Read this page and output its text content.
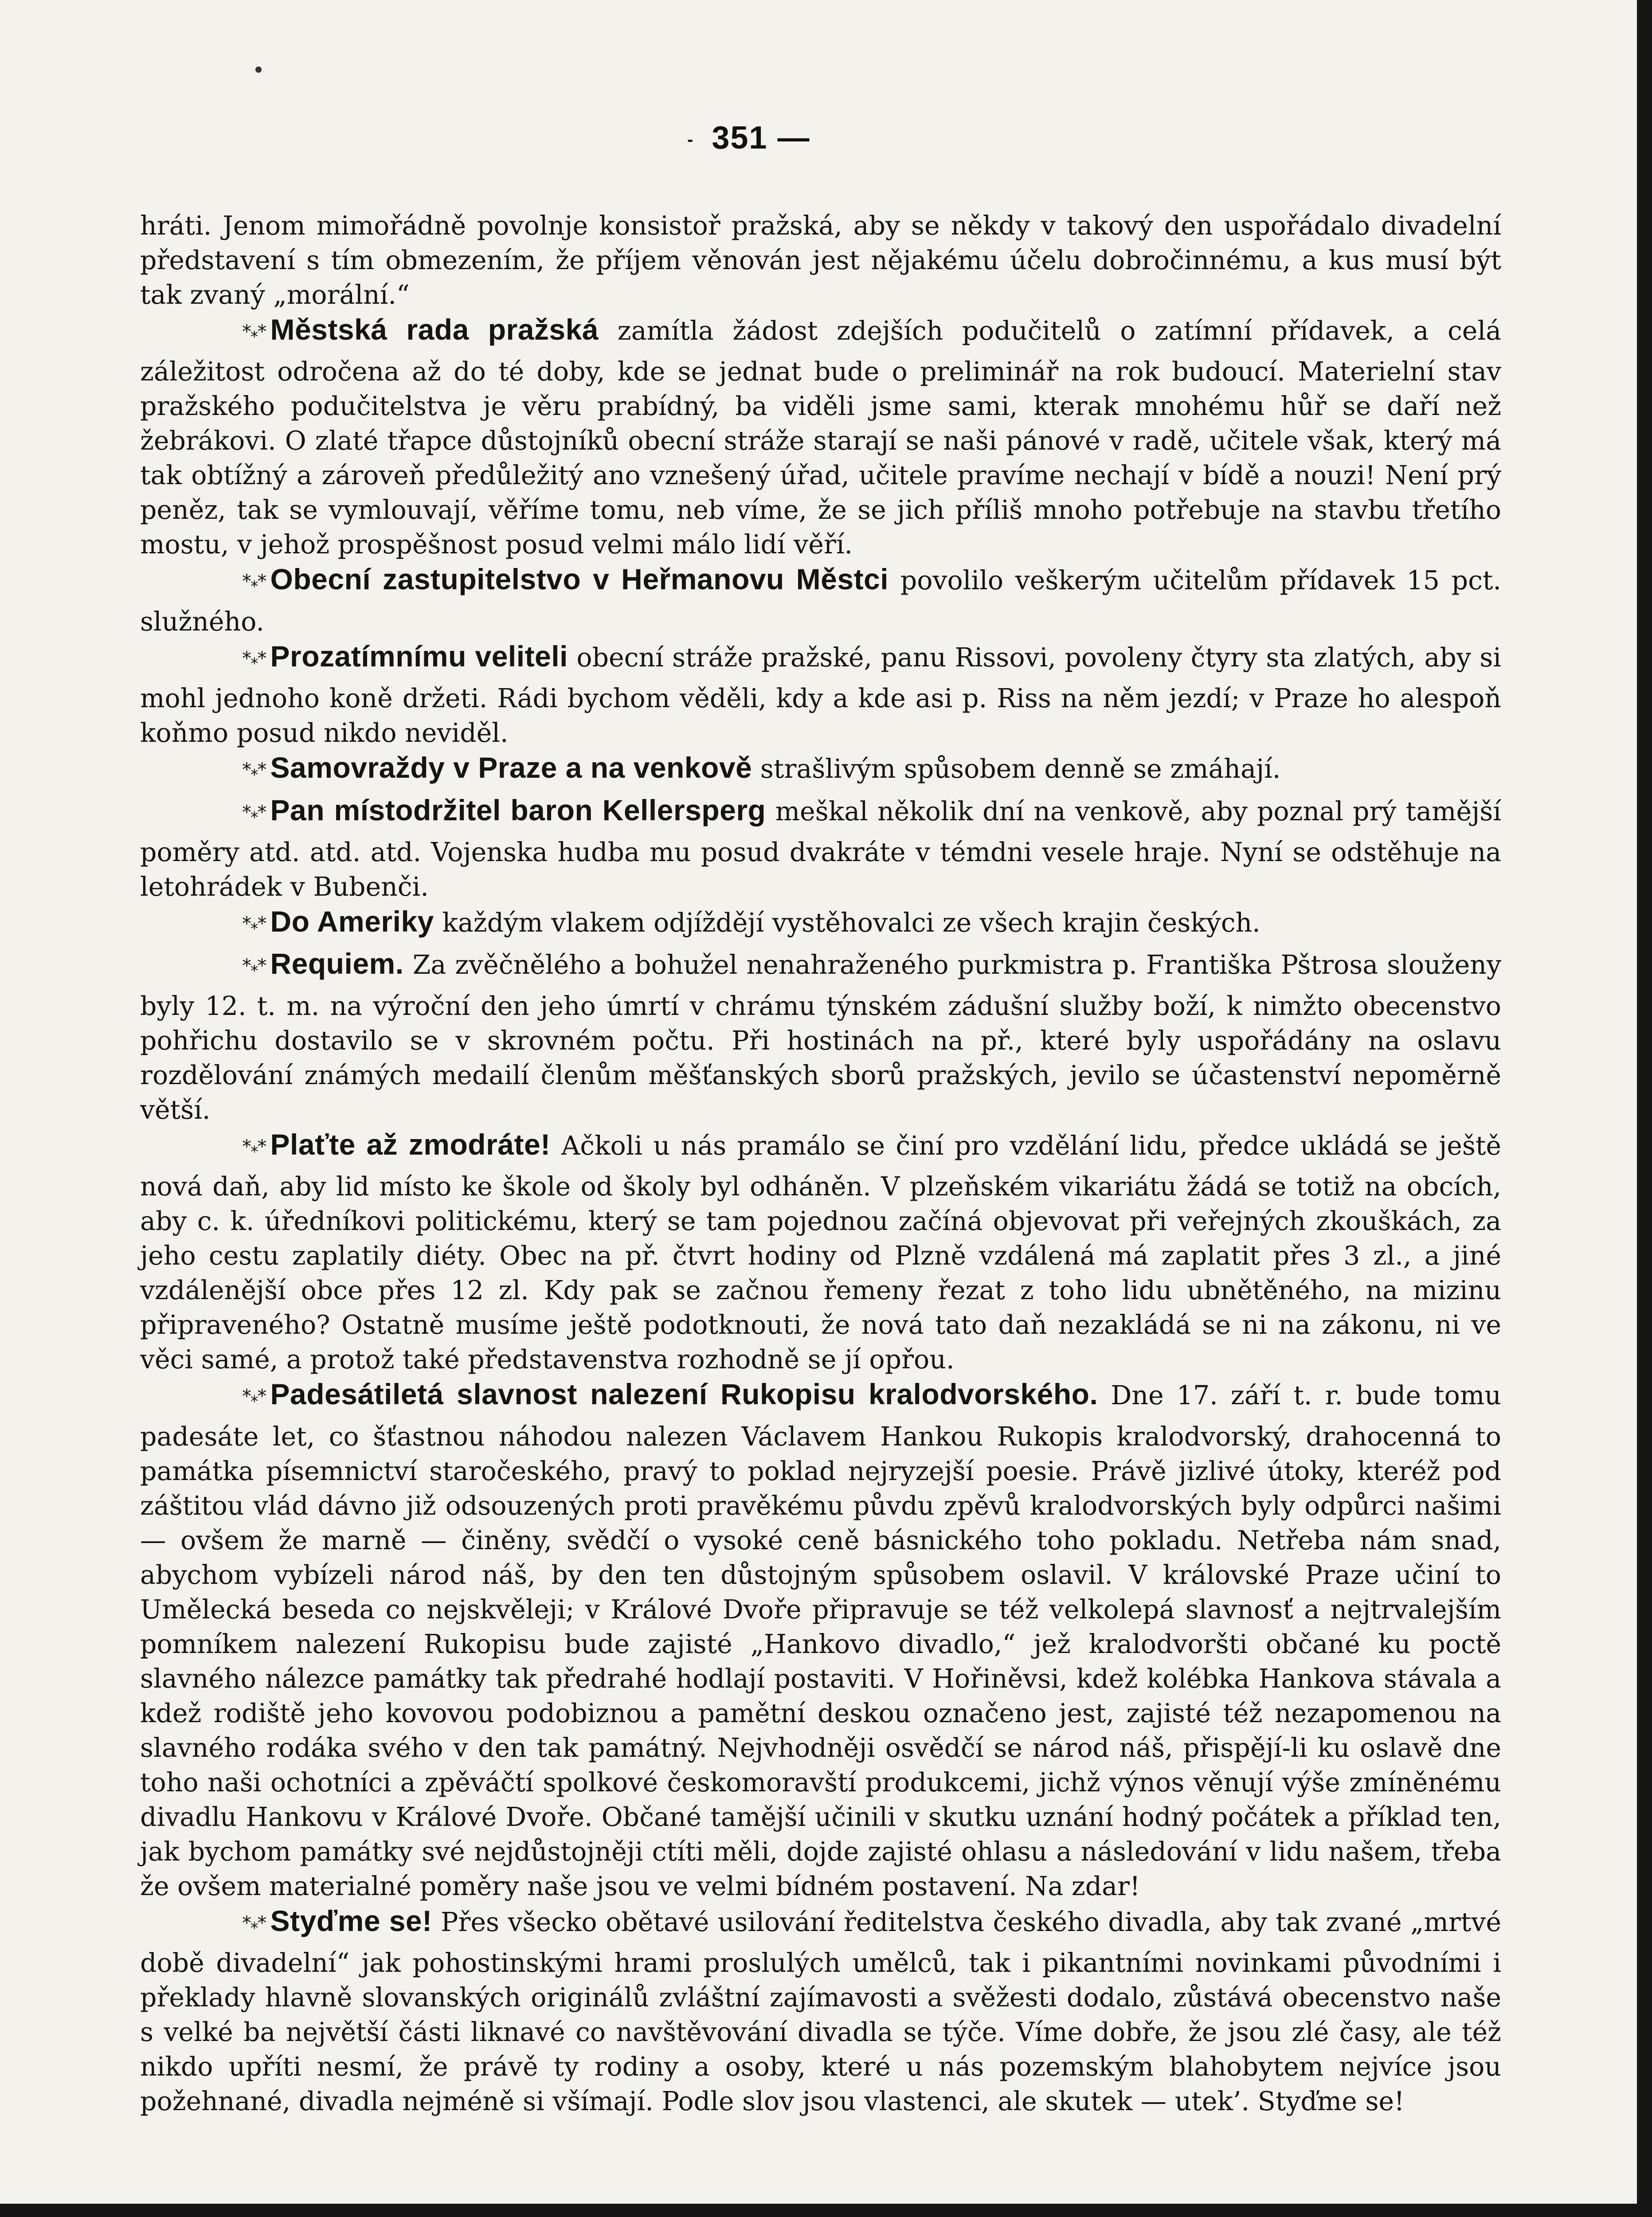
- 351 —

hráti. Jenom mimořádně povolnje konsistoř pražská, aby se někdy v takový den uspořádalo divadelní představení s tím obmezením, že příjem věnován jest nějakému účelu dobročinnému, a kus musí být tak zvaný „morální.“

$*_**$ Městská rada pražská zamítla žádost zdejších podučitelů o zatímní přídavek, a celá záležitost odročena až do té doby, kde se jednat bude o preliminář na rok budoucí. Materielní stav pražského podučitelstva je věru prabídný, ba viděli jsme sami, kterak mnohému hůř se daří než žebrákovi. O zlaté třapce důstojníků obecní stráže starají se naši pánové v radě, učitele však, který má tak obtížný a zároveň předůležitý ano vznešený úřad, učitele pravíme nechají v bídě a nouzi! Není prý peněz, tak se vymlouvají, věříme tomu, neb víme, že se jich příliš mnoho potřebuje na stavbu třetího mostu, v jehož prospěšnost posud velmi málo lidí věří.

$*_**$ Obecní zastupitelstvo v Heřmanovu Městci povolilo veškerým učitelům přídavek 15 pct. služného.

$*_**$ Prozatímnímu veliteli obecní stráže pražské, panu Rissovi, povoleny čtyry sta zlatých, aby si mohl jednoho koně držeti. Rádi bychom věděli, kdy a kde asi p. Riss na něm jezdí; v Praze ho alespoň koňmo posud nikdo neviděl.

$*_**$ Samovraždy v Praze a na venkově strašlivým spůsobem denně se zmáhají.

$*_**$ Pan místodržitel baron Kellersperg meškal několik dní na venkově, aby poznal prý tamější poměry atd. atd. atd. Vojenska hudba mu posud dvakráte v témdni vesele hraje. Nyní se odstěhuje na letohrádek v Bubenči.

$*_**$ Do Ameriky každým vlakem odjíždějí vystěhovalci ze všech krajin českých.

$*_**$ Requiem. Za zvěčnělého a bohužel nenahraženého purkmistra p. Františka Pštrosa slouženy byly 12. t. m. na výroční den jeho úmrtí v chrámu týnském zádušní služby boží, k nimžto obecenstvo pohřichu dostavilo se v skrovném počtu. Při hostinách na př., které byly uspořádány na oslavu rozdělování známých medailí členům měšťanských sborů pražských, jevilo se účastenství nepoměrně větší.

$*_**$ Plaťte až zmodráte! Ačkoli u nás pramálo se činí pro vzdělání lidu, předce ukládá se ještě nová daň, aby lid místo ke škole od školy byl odháněn. V plzeňském vikariátu žádá se totiž na obcích, aby c. k. úředníkovi politickému, který se tam pojednou začíná objevovat při veřejných zkouškách, za jeho cestu zaplatily diéty. Obec na př. čtvrt hodiny od Plzně vzdálená má zaplatit přes 3 zl., a jiné vzdálenější obce přes 12 zl. Kdy pak se začnou řemeny řezat z toho lidu ubnětěného, na mizinu připraveného? Ostatně musíme ještě podotknouti, že nová tato daň nezakládá se ni na zákonu, ni ve věci samé, a protož také představenstva rozhodně se jí opřou.

$*_**$ Padesátiletá slavnost nalezení Rukopisu kralodvorského. Dne 17. září t. r. bude tomu padesáte let, co šťastnou náhodou nalezen Václavem Hankou Rukopis kralodvorský, drahocenná to památka písemnictví staročeského, pravý to poklad nejryzejší poesie. Právě jizlivé útoky, kteréž pod záštitou vlád dávno již odsouzených proti pravěkému půvdu zpěvů kralodvorských byly odpůrci našimi — ovšem že marně — činěny, svědčí o vysoké ceně básnického toho pokladu. Netřeba nám snad, abychom vybízeli národ náš, by den ten důstojným spůsobem oslavil. V královské Praze učiní to Umělecká beseda co nejskvěleji; v Králové Dvoře připravuje se též velkolepá slavnosť a nejtrvalejším pomníkem nalezení Rukopisu bude zajisté „Hankovo divadlo,“ jež kralodvoršti občané ku poctě slavného nálezce památky tak předrahé hodlají postaviti. V Hořiněvsi, kdež kolébka Hankova stávala a kdež rodiště jeho kovovou podobiznou a pamětní deskou označeno jest, zajisté též nezapomenou na slavného rodáka svého v den tak památný. Nejvhodněji osvědčí se národ náš, přispějí-li ku oslavě dne toho naši ochotníci a zpěváčtí spolkové českomoravští produkcemi, jichž výnos věnují výše zmíněnému divadlu Hankovu v Králové Dvoře. Občané tamější učinili v skutku uznání hodný počátek a příklad ten, jak bychom památky své nejdůstojněji ctíti měli, dojde zajisté ohlasu a následování v lidu našem, třeba že ovšem materialné poměry naše jsou ve velmi bídném postavení. Na zdar!

$*_**$ Styďme se! Přes všecko obětavé usilování ředitelstva českého divadla, aby tak zvané „mrtvé době divadelní“ jak pohostinskými hrami proslulých umělců, tak i pikantními novinkami původními i překlady hlavně slovanských originálů zvláštní zajímavosti a svěžesti dodalo, zůstává obecenstvo naše s velké ba největší části liknavé co navštěvování divadla se týče. Víme dobře, že jsou zlé časy, ale též nikdo upříti nesmí, že právě ty rodiny a osoby, které u nás pozemským blahobytem nejvíce jsou požehnané, divadla nejméně si všímají. Podle slov jsou vlastenci, ale skutek — utek’. Styďme se!
